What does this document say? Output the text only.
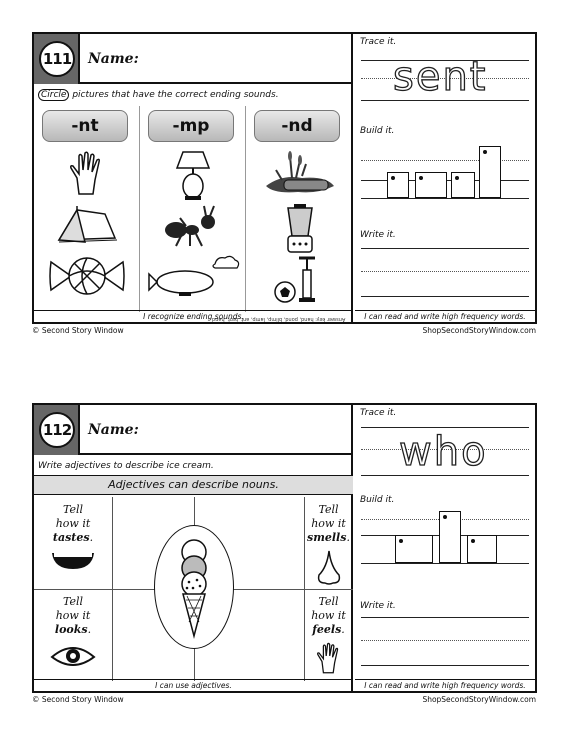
111 Name:
Circle pictures that have the correct ending sounds.
-nt	-mp	-nd
Answer key: hand, pond, blimp, lamp, ant, tent, hand
I recognize ending sounds.
Trace it.
sent
Build it.
Write it.
I can read and write high frequency words.
© Second Story Window	ShopSecondStoryWindow.com
112 Name:
Write adjectives to describe ice cream.
Adjectives can describe nouns.
Tell
how it
tastes.
Tell
how it
smells.
Tell
how it
looks.
Tell
how it
feels.
I can use adjectives.
Trace it.
who
Build it.
Write it.
I can read and write high frequency words.
© Second Story Window	ShopSecondStoryWindow.com
